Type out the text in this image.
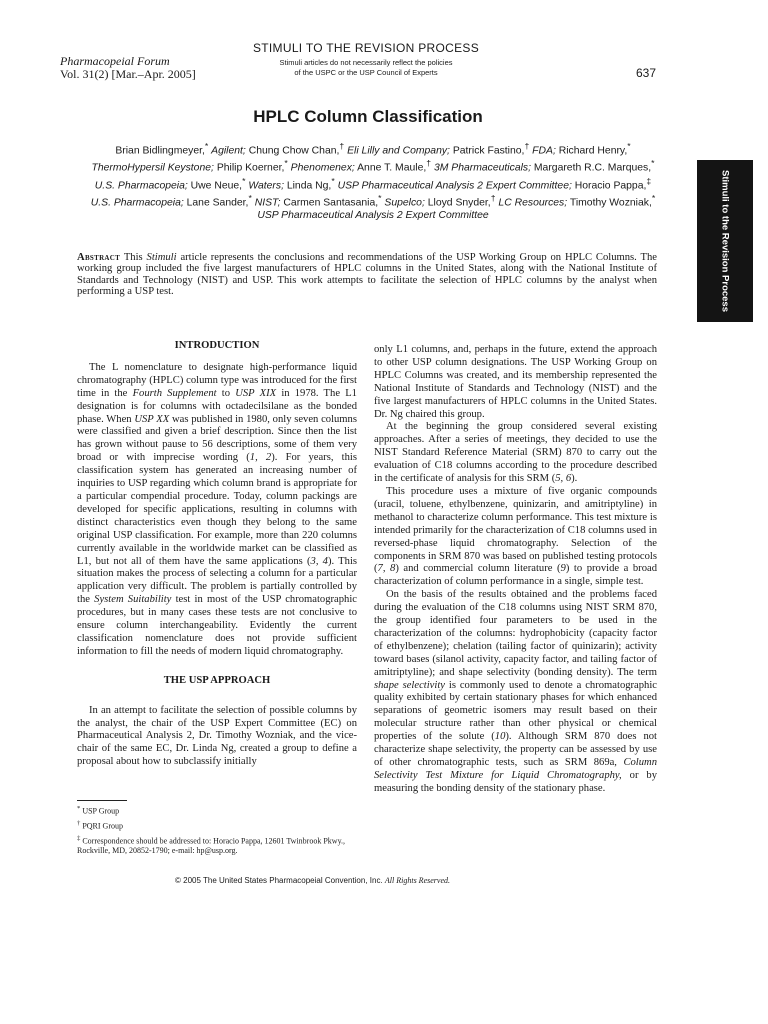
Pharmacopeial Forum
Vol. 31(2) [Mar.–Apr. 2005]
STIMULI TO THE REVISION PROCESS
Stimuli articles do not necessarily reflect the policies
of the USPC or the USP Council of Experts	637
HPLC Column Classification
Brian Bidlingmeyer,* Agilent; Chung Chow Chan,† Eli Lilly and Company; Patrick Fastino,† FDA; Richard Henry,* ThermoHypersil Keystone; Philip Koerner,* Phenomenex; Anne T. Maule,† 3M Pharmaceuticals; Margareth R.C. Marques,* U.S. Pharmacopeia; Uwe Neue,* Waters; Linda Ng,* USP Pharmaceutical Analysis 2 Expert Committee; Horacio Pappa,‡ U.S. Pharmacopeia; Lane Sander,* NIST; Carmen Santasania,* Supelco; Lloyd Snyder,† LC Resources; Timothy Wozniak,* USP Pharmaceutical Analysis 2 Expert Committee	Stimuli to the Revision Process
Abstract This Stimuli article represents the conclusions and recommendations of the USP Working Group on HPLC Columns. The working group included the five largest manufacturers of HPLC columns in the United States, along with the National Institute of Standards and Technology (NIST) and USP. This work attempts to facilitate the selection of HPLC columns by the analyst when performing a USP test.
INTRODUCTION

The L nomenclature to designate high-performance liquid chromatography (HPLC) column type was introduced for the first time in the Fourth Supplement to USP XIX in 1978. The L1 designation is for columns with octadecilsilane as the bonded phase. When USP XX was published in 1980, only seven columns were classified and given a brief description. Since then the list has grown without pause to 56 descriptions, some of them very broad or with imprecise wording (1, 2). For years, this classification system has generated an increasing number of inquiries to USP regarding which column brand is appropriate for a particular compendial procedure. Today, column packings are developed for specific applications, resulting in columns with distinct characteristics even though they belong to the same original USP classification. For example, more than 220 columns currently available in the worldwide market can be classified as L1, but not all of them have the same applications (3, 4). This situation makes the process of selecting a column for a particular application very difficult. The problem is partially controlled by the System Suitability test in most of the USP chromatographic procedures, but in many cases these tests are not conclusive to ensure column interchangeability. Evidently the current classification nomenclature does not provide sufficient information to fill the needs of modern liquid chromatography.

THE USP APPROACH

In an attempt to facilitate the selection of possible columns by the analyst, the chair of the USP Expert Committee (EC) on Pharmaceutical Analysis 2, Dr. Timothy Wozniak, and the vice-chair of the same EC, Dr. Linda Ng, created a group to define a proposal about how to subclassify initially

only L1 columns, and, perhaps in the future, extend the approach to other USP column designations. The USP Working Group on HPLC Columns was created, and its membership represented the National Institute of Standards and Technology (NIST) and the five largest manufacturers of HPLC columns in the United States. Dr. Ng chaired this group.

At the beginning the group considered several existing approaches. After a series of meetings, they decided to use the NIST Standard Reference Material (SRM) 870 to carry out the evaluation of C18 columns according to the procedure described in the certificate of analysis for this SRM (5, 6).

This procedure uses a mixture of five organic compounds (uracil, toluene, ethylbenzene, quinizarin, and amitriptyline) in methanol to characterize column performance. This test mixture is intended primarily for the characterization of C18 columns used in reversed-phase liquid chromatography. Selection of the components in SRM 870 was based on published testing protocols (7, 8) and commercial column literature (9) to provide a broad characterization of column performance in a single, simple test.

On the basis of the results obtained and the problems faced during the evaluation of the C18 columns using NIST SRM 870, the group identified four parameters to be used in the characterization of the columns: hydrophobicity (capacity factor of ethylbenzene); chelation (tailing factor of quinizarin); activity toward bases (silanol activity, capacity factor, and tailing factor of amitriptyline); and shape selectivity (bonding density). The term shape selectivity is commonly used to denote a chromatographic quality exhibited by certain stationary phases for which enhanced separations of geometric isomers may result based on their molecular structure rather than other physical or chemical properties of the solute (10). Although SRM 870 does not characterize shape selectivity, the property can be assessed by use of other chromatographic tests, such as SRM 869a, Column Selectivity Test Mixture for Liquid Chromatography, or by measuring the bonding density of the stationary phase.

* USP Group
† PQRI Group
‡ Correspondence should be addressed to: Horacio Pappa, 12601 Twinbrook Pkwy., Rockville, MD, 20852-1790; e-mail: hp@usp.org.
© 2005 The United States Pharmacopeial Convention, Inc. All Rights Reserved.
